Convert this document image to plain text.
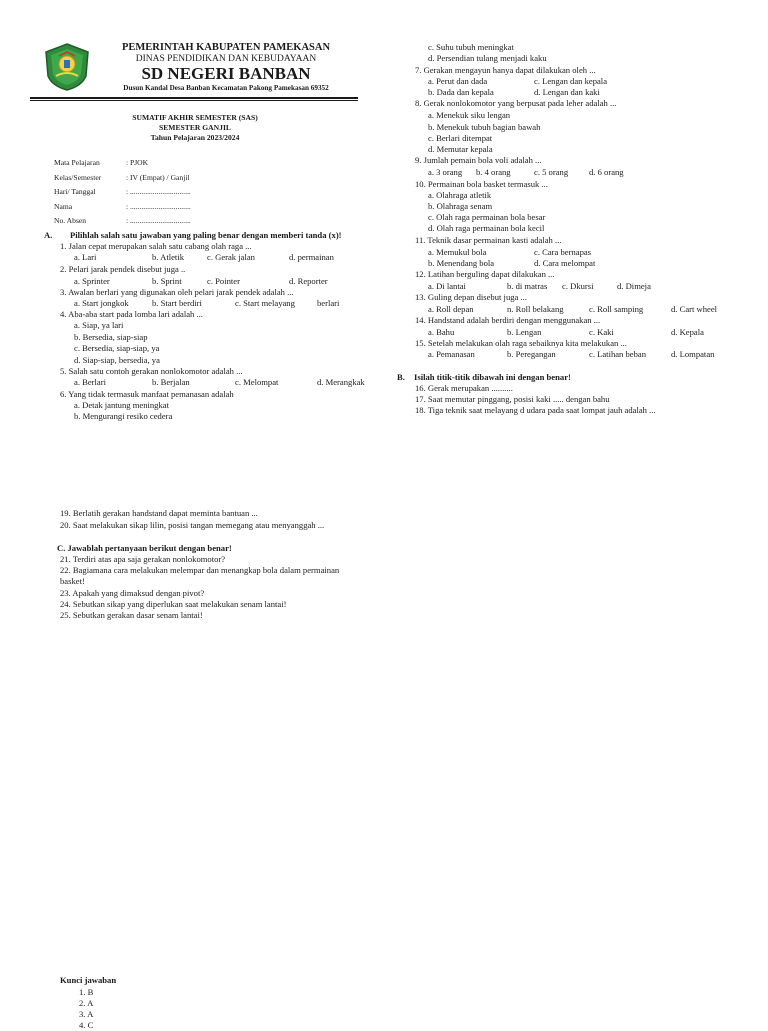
PEMERINTAH KABUPATEN PAMEKASAN
DINAS PENDIDIKAN DAN KEBUDAYAAN
SD NEGERI BANBAN
Dusun Kandal Desa Banban Kecamatan Pakong Pamekasan 69352
SUMATIF AKHIR SEMESTER (SAS)
SEMESTER GANJIL
Tahun Pelajaran 2023/2024
Mata Pelajaran	: PJOK
Kelas/Semester	: IV (Empat) / Ganjil
Hari/ Tanggal	: ................................
Nama	: ................................
No. Absen	: ................................
A. Pilihlah salah satu jawaban yang paling benar dengan memberi tanda (x)!
1. Jalan cepat merupakan salah satu cabang olah raga ...
a. Lari	b. Atletik	c. Gerak jalan	d. permainan
2. Pelari jarak pendek disebut juga ..
a. Sprinter	b. Sprint	c. Pointer	d. Reporter
3. Awalan berlari yang digunakan oleh pelari jarak pendek adalah ...
a. Start jongkok	b. Start berdiri	c. Start melayang	berlari
4. Aba-aba start pada lomba lari adalah ...
a. Siap, ya lari
b. Bersedia, siap-siap
c. Bersedia, siap-siap, ya
d. Siap-siap, bersedia, ya
5. Salah satu contoh gerakan nonlokomotor adalah ...
a. Berlari	b. Berjalan	c. Melompat	d. Merangkak
6. Yang tidak termasuk manfaat pemanasan adalah
a. Detak jantung meningkat
b. Mengurangi resiko cedera
c. Suhu tubuh meningkat
d. Persendian tulang menjadi kaku
7. Gerakan mengayun hanya dapat dilakukan oleh ...
a. Perut dan dada	c. Lengan dan kepala
b. Dada dan kepala	d. Lengan dan kaki
8. Gerak nonlokomotor yang berpusat pada leher adalah ...
a. Menekuk siku lengan
b. Menekuk tubuh bagian bawah
c. Berlari ditempat
d. Memutar kepala
9. Jumlah pemain bola voli adalah ...
a. 3 orang b. 4 orang	c. 5 orang d. 6 orang
10. Permainan bola basket termasuk ...
a. Olahraga atletik
b. Olahraga senam
c. Olah raga permainan bola besar
d. Olah raga permainan bola kecil
11. Teknik dasar permainan kasti adalah ...
a. Memukul bola	c. Cara bernapas
b. Menendang bola	d. Cara melompat
12. Latihan berguling dapat dilakukan ...
a. Di lantai	b. di matras c. Dkursi	d. Dimeja
13. Guling depan disebut juga ...
a. Roll depan	n. Roll belakang	c. Roll samping	d. Cart wheel
14. Handstand adalah berdiri dengan menggunakan ...
a. Bahu	b. Lengan	c. Kaki	d. Kepala
15. Setelah melakukan olah raga sebaiknya kita melakukan ...
a. Pemanasan	b. Peregangan	c. Latihan beban	d. Lompatan
B. Isilah titik-titik dibawah ini dengan benar!
16. Gerak merupakan ..........
17. Saat memutar pinggang, posisi kaki ..... dengan bahu
18. Tiga teknik saat melayang d udara pada saat lompat jauh adalah ...
19. Berlatih gerakan handstand dapat meminta bantuan ...
20. Saat melakukan sikap lilin, posisi tangan memegang atau menyanggah ...
C. Jawablah pertanyaan berikut dengan benar!
21. Terdiri atas apa saja gerakan nonlokomotor?
22. Bagiamana cara melakukan melempar dan menangkap bola dalam permainan
basket!
23. Apakah yang dimaksud dengan pivot?
24. Sebutkan sikap yang diperlukan saat melakukan senam lantai!
25. Sebutkan gerakan dasar senam lantai!
Kunci jawaban
1. B
2. A
3. A
4. C
